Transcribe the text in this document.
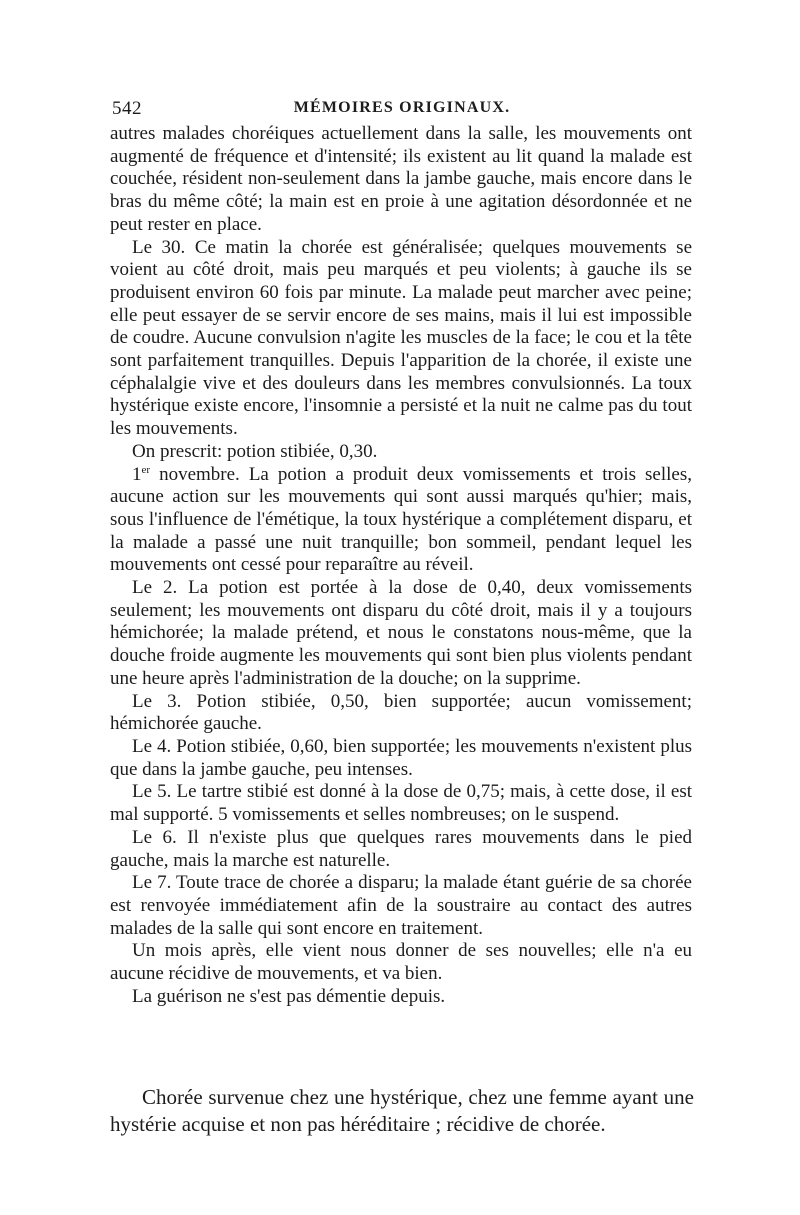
542	MÉMOIRES ORIGINAUX.

autres malades choréiques actuellement dans la salle, les mouvements ont augmenté de fréquence et d'intensité; ils existent au lit quand la malade est couchée, résident non-seulement dans la jambe gauche, mais encore dans le bras du même côté; la main est en proie à une agitation désordonnée et ne peut rester en place.

Le 30. Ce matin la chorée est généralisée; quelques mouvements se voient au côté droit, mais peu marqués et peu violents; à gauche ils se produisent environ 60 fois par minute. La malade peut marcher avec peine; elle peut essayer de se servir encore de ses mains, mais il lui est impossible de coudre. Aucune convulsion n'agite les muscles de la face; le cou et la tête sont parfaitement tranquilles. Depuis l'apparition de la chorée, il existe une céphalalgie vive et des douleurs dans les membres convulsionnés. La toux hystérique existe encore, l'insomnie a persisté et la nuit ne calme pas du tout les mouvements.

On prescrit: potion stibiée, 0,30.

1er novembre. La potion a produit deux vomissements et trois selles, aucune action sur les mouvements qui sont aussi marqués qu'hier; mais, sous l'influence de l'émétique, la toux hystérique a complétement disparu, et la malade a passé une nuit tranquille; bon sommeil, pendant lequel les mouvements ont cessé pour reparaître au réveil.

Le 2. La potion est portée à la dose de 0,40, deux vomissements seulement; les mouvements ont disparu du côté droit, mais il y a toujours hémichorée; la malade prétend, et nous le constatons nous-même, que la douche froide augmente les mouvements qui sont bien plus violents pendant une heure après l'administration de la douche; on la supprime.

Le 3. Potion stibiée, 0,50, bien supportée; aucun vomissement; hémichorée gauche.

Le 4. Potion stibiée, 0,60, bien supportée; les mouvements n'existent plus que dans la jambe gauche, peu intenses.

Le 5. Le tartre stibié est donné à la dose de 0,75; mais, à cette dose, il est mal supporté. 5 vomissements et selles nombreuses; on le suspend.

Le 6. Il n'existe plus que quelques rares mouvements dans le pied gauche, mais la marche est naturelle.

Le 7. Toute trace de chorée a disparu; la malade étant guérie de sa chorée est renvoyée immédiatement afin de la soustraire au contact des autres malades de la salle qui sont encore en traitement.

Un mois après, elle vient nous donner de ses nouvelles; elle n'a eu aucune récidive de mouvements, et va bien.

La guérison ne s'est pas démentie depuis.

Chorée survenue chez une hystérique, chez une femme ayant une hystérie acquise et non pas héréditaire ; récidive de chorée.
